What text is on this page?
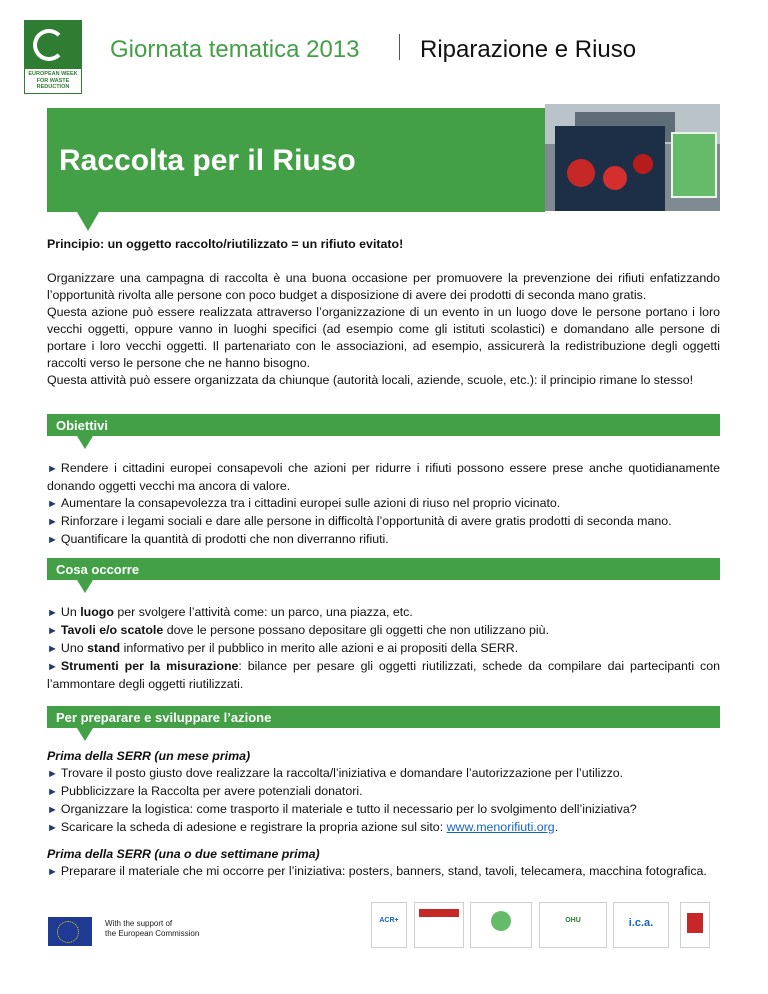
EUROPEAN WEEK FOR WASTE REDUCTION
Giornata tematica 2013	Riparazione e Riuso
Raccolta per il Riuso
Principio: un oggetto raccolto/riutilizzato = un rifiuto evitato!

Organizzare una campagna di raccolta è una buona occasione per promuovere la prevenzione dei rifiuti enfatizzando l’opportunità rivolta alle persone con poco budget a disposizione di avere dei prodotti di seconda mano gratis.

Questa azione può essere realizzata attraverso l’organizzazione di un evento in un luogo dove le persone portano i loro vecchi oggetti, oppure vanno in luoghi specifici (ad esempio come gli istituti scolastici) e domandano alle persone di portare i loro vecchi oggetti. Il partenariato con le associazioni, ad esempio, assicurerà la redistribuzione degli oggetti raccolti verso le persone che ne hanno bisogno.

Questa attività può essere organizzata da chiunque (autorità locali, aziende, scuole, etc.): il principio rimane lo stesso!

Obiettivi
► Rendere i cittadini europei consapevoli che azioni per ridurre i rifiuti possono essere prese anche quotidianamente donando oggetti vecchi ma ancora di valore.
► Aumentare la consapevolezza tra i cittadini europei sulle azioni di riuso nel proprio vicinato.
► Rinforzare i legami sociali e dare alle persone in difficoltà l’opportunità di avere gratis prodotti di seconda mano.
► Quantificare la quantità di prodotti che non diverranno rifiuti.
Cosa occorre
► Un luogo per svolgere l’attività come: un parco, una piazza, etc.
► Tavoli e/o scatole dove le persone possano depositare gli oggetti che non utilizzano più.
► Uno stand informativo per il pubblico in merito alle azioni e ai propositi della SERR.
► Strumenti per la misurazione: bilance per pesare gli oggetti riutilizzati, schede da compilare dai partecipanti con l’ammontare degli oggetti riutilizzati.
Per preparare e sviluppare l’azione
Prima della SERR (un mese prima)
► Trovare il posto giusto dove realizzare la raccolta/l’iniziativa e domandare l’autorizzazione per l’utilizzo.
► Pubblicizzare la Raccolta per avere potenziali donatori.
► Organizzare la logistica: come trasporto il materiale e tutto il necessario per lo svolgimento dell’iniziativa?
► Scaricare la scheda di adesione e registrare la propria azione sul sito: www.menorifiuti.org.
Prima della SERR (una o due settimane prima)
► Preparare il materiale che mi occorre per l’iniziativa: posters, banners, stand, tavoli, telecamera, macchina fotografica.
With the support of
the European Commission
ACR+	OHU	i.c.a.
